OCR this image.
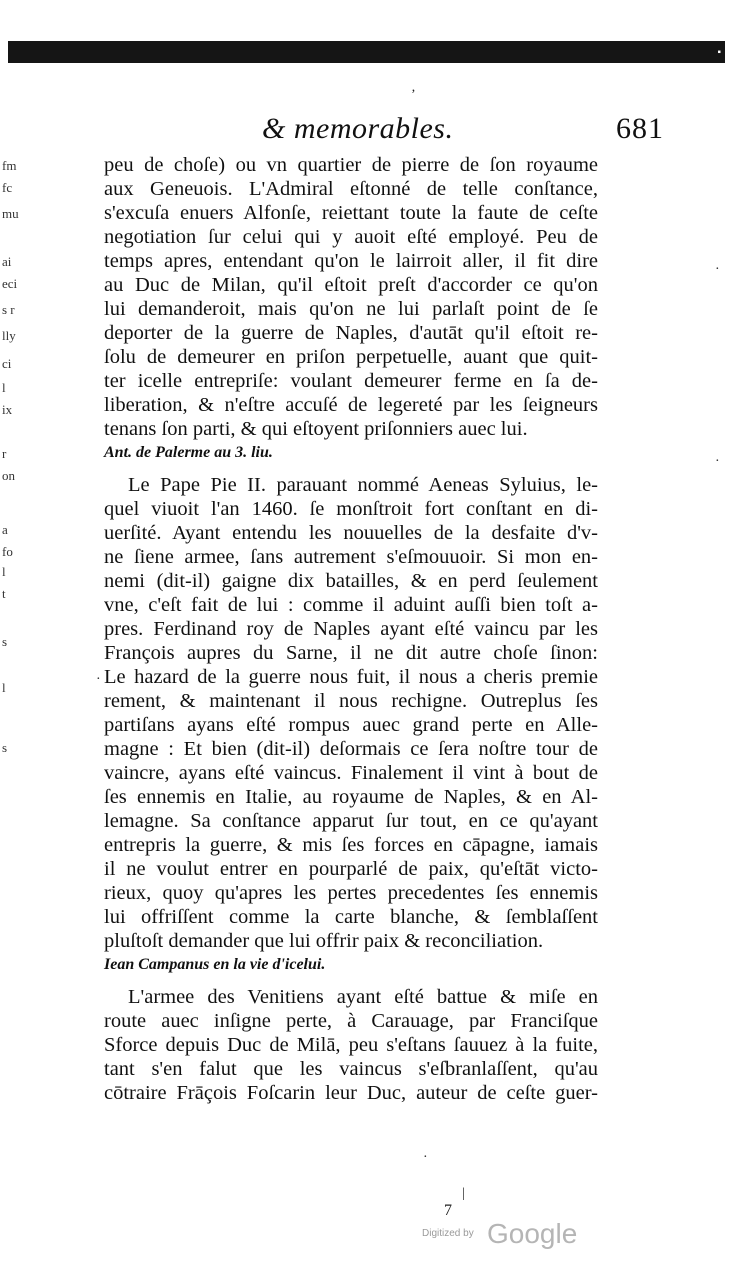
▪
& memorables.	681
fm
fc
mu
ai
eci
s r
lly
ci
l
ix
r
on
a
fo
l
t
s
l
s
peu de choſe) ou vn quartier de pierre de ſon royaume
aux Geneuois. L'Admiral eſtonné de telle conſtance,
s'excuſa enuers Alfonſe, reiettant toute la faute de ceſte
negotiation ſur celui qui y auoit eſté employé. Peu de
temps apres, entendant qu'on le lairroit aller, il fit dire
au Duc de Milan, qu'il eſtoit preſt d'accorder ce qu'on
lui demanderoit, mais qu'on ne lui parlaſt point de ſe
deporter de la guerre de Naples, d'autāt qu'il eſtoit re-
ſolu de demeurer en priſon perpetuelle, auant que quit-
ter icelle entrepriſe: voulant demeurer ferme en ſa de-
liberation, & n'eſtre accuſé de legereté par les ſeigneurs
tenans ſon parti, & qui eſtoyent priſonniers auec lui.
Ant. de Palerme au 3. liu.
Le Pape Pie II. parauant nommé Aeneas Syluius, le-
quel viuoit l'an 1460. ſe monſtroit fort conſtant en di-
uerſité. Ayant entendu les nouuelles de la desfaite d'v-
ne ſiene armee, ſans autrement s'eſmouuoir. Si mon en-
nemi (dit-il) gaigne dix batailles, & en perd ſeulement
vne, c'eſt fait de lui : comme il aduint auſſi bien toſt a-
pres. Ferdinand roy de Naples ayant eſté vaincu par les
François aupres du Sarne, il ne dit autre choſe ſinon:
Le hazard de la guerre nous fuit, il nous a cheris premie
rement, & maintenant il nous rechigne. Outreplus ſes
partiſans ayans eſté rompus auec grand perte en Alle-
magne : Et bien (dit-il) deſormais ce ſera noſtre tour de
vaincre, ayans eſté vaincus. Finalement il vint à bout de
ſes ennemis en Italie, au royaume de Naples, & en Al-
lemagne. Sa conſtance apparut ſur tout, en ce qu'ayant
entrepris la guerre, & mis ſes forces en cāpagne, iamais
il ne voulut entrer en pourparlé de paix, qu'eſtāt victo-
rieux, quoy qu'apres les pertes precedentes ſes ennemis
lui offriſſent comme la carte blanche, & ſemblaſſent
pluſtoſt demander que lui offrir paix & reconciliation.
Iean Campanus en la vie d'icelui.
L'armee des Venitiens ayant eſté battue & miſe en
route auec inſigne perte, à Carauage, par Franciſque
Sforce depuis Duc de Milā, peu s'eſtans ſauuez à la fuite,
tant s'en falut que les vaincus s'eſbranlaſſent, qu'au
cōtraire Frāçois Foſcarin leur Duc, auteur de ceſte guer-
‚
·
·
·
·
|
7
Digitized by Google
